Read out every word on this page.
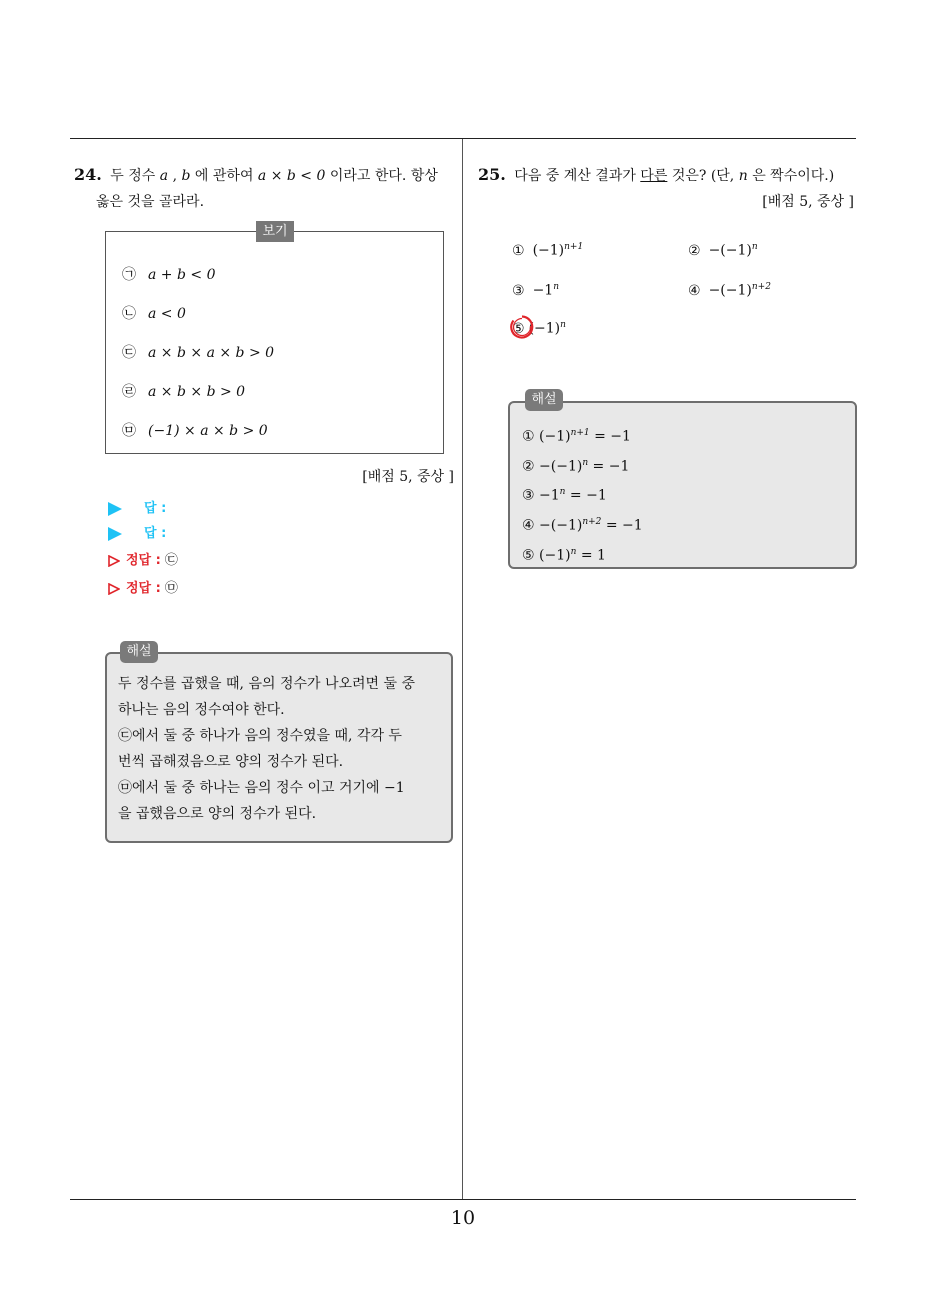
10
24. 두 정수 a , b 에 관하여 a × b < 0 이라고 한다. 항상
옳은 것을 골라라.
보기
㉠ a + b < 0
㉡ a < 0
㉢ a × b × a × b > 0
㉣ a × b × b > 0
㉤ (−1) × a × b > 0
[배점 5, 중상 ]
답 :
답 :
정답 : ㉢
정답 : ㉤
해설
두 정수를 곱했을 때, 음의 정수가 나오려면 둘 중
하나는 음의 정수여야 한다.
㉢에서 둘 중 하나가 음의 정수였을 때, 각각 두
번씩 곱해졌음으로 양의 정수가 된다.
㉤에서 둘 중 하나는 음의 정수 이고 거기에 −1
을 곱했음으로 양의 정수가 된다.
25. 다음 중 계산 결과가 다른 것은? (단, n 은 짝수이다.)
[배점 5, 중상 ]
① $(-1)^{n+1}$	② $-(-1)^n$
③ $-1^n$	④ $-(-1)^{n+2}$
⑤ $(-1)^n$
해설
① $(-1)^{n+1} = -1$
② $-(-1)^n = -1$
③ $-1^n = -1$
④ $-(-1)^{n+2} = -1$
⑤ $(-1)^n = 1$
